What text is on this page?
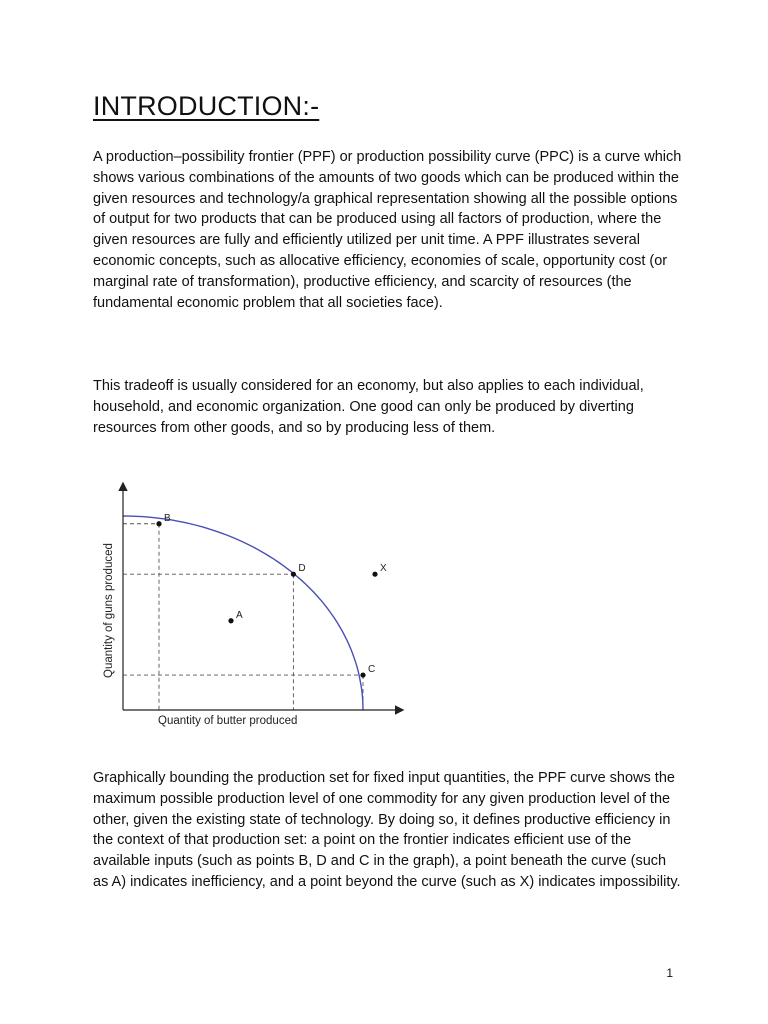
INTRODUCTION:-

A production–possibility frontier (PPF) or production possibility curve (PPC) is a curve which shows various combinations of the amounts of two goods which can be produced within the given resources and technology/a graphical representation showing all the possible options of output for two products that can be produced using all factors of production, where the given resources are fully and efficiently utilized per unit time. A PPF illustrates several economic concepts, such as allocative efficiency, economies of scale, opportunity cost (or marginal rate of transformation), productive efficiency, and scarcity of resources (the fundamental economic problem that all societies face).

This tradeoff is usually considered for an economy, but also applies to each individual, household, and economic organization. One good can only be produced by diverting resources from other goods, and so by producing less of them.

B
D
C
A
X
Quantity of butter produced
Quantity of guns produced

Graphically bounding the production set for fixed input quantities, the PPF curve shows the maximum possible production level of one commodity for any given production level of the other, given the existing state of technology. By doing so, it defines productive efficiency in the context of that production set: a point on the frontier indicates efficient use of the available inputs (such as points B, D and C in the graph), a point beneath the curve (such as A) indicates inefficiency, and a point beyond the curve (such as X) indicates impossibility.

1
